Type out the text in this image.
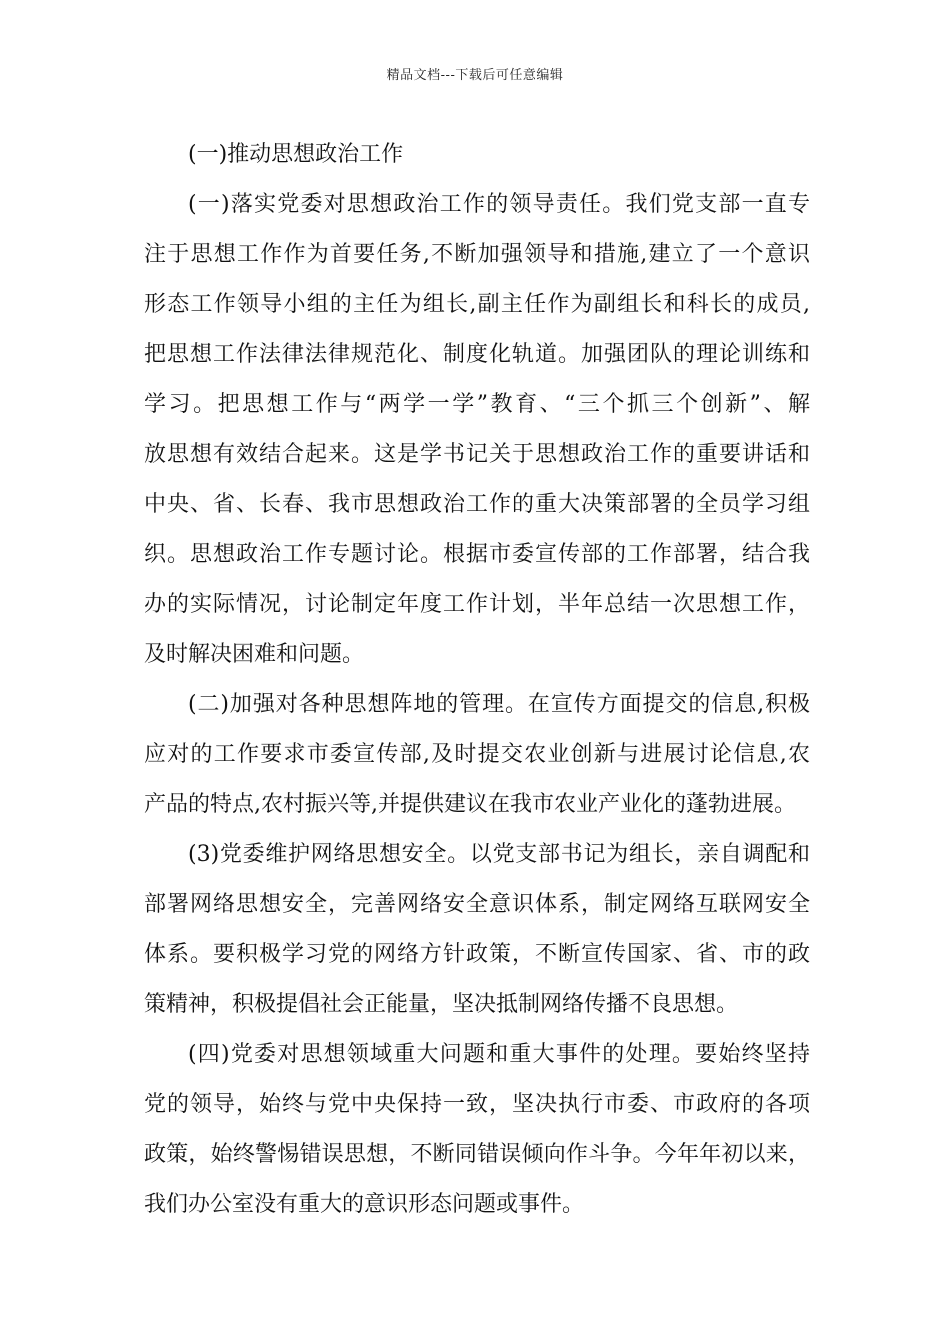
精品文档---下载后可任意编辑
(一)推动思想政治工作
(一)落实党委对思想政治工作的领导责任。我们党支部一直专
注于思想工作作为首要任务,不断加强领导和措施,建立了一个意识
形态工作领导小组的主任为组长,副主任作为副组长和科长的成员,
把思想工作法律法律规范化、制度化轨道。加强团队的理论训练和
学习。把思想工作与“两学一学”教育、“三个抓三个创新”、解
放思想有效结合起来。这是学书记关于思想政治工作的重要讲话和
中央、省、长春、我市思想政治工作的重大决策部署的全员学习组
织。思想政治工作专题讨论。根据市委宣传部的工作部署，结合我
办的实际情况，讨论制定年度工作计划，半年总结一次思想工作，
及时解决困难和问题。
(二)加强对各种思想阵地的管理。在宣传方面提交的信息,积极
应对的工作要求市委宣传部,及时提交农业创新与进展讨论信息,农
产品的特点,农村振兴等,并提供建议在我市农业产业化的蓬勃进展。
(3)党委维护网络思想安全。以党支部书记为组长，亲自调配和
部署网络思想安全，完善网络安全意识体系，制定网络互联网安全
体系。要积极学习党的网络方针政策，不断宣传国家、省、市的政
策精神，积极提倡社会正能量，坚决抵制网络传播不良思想。
(四)党委对思想领域重大问题和重大事件的处理。要始终坚持
党的领导，始终与党中央保持一致，坚决执行市委、市政府的各项
政策，始终警惕错误思想，不断同错误倾向作斗争。今年年初以来，
我们办公室没有重大的意识形态问题或事件。
